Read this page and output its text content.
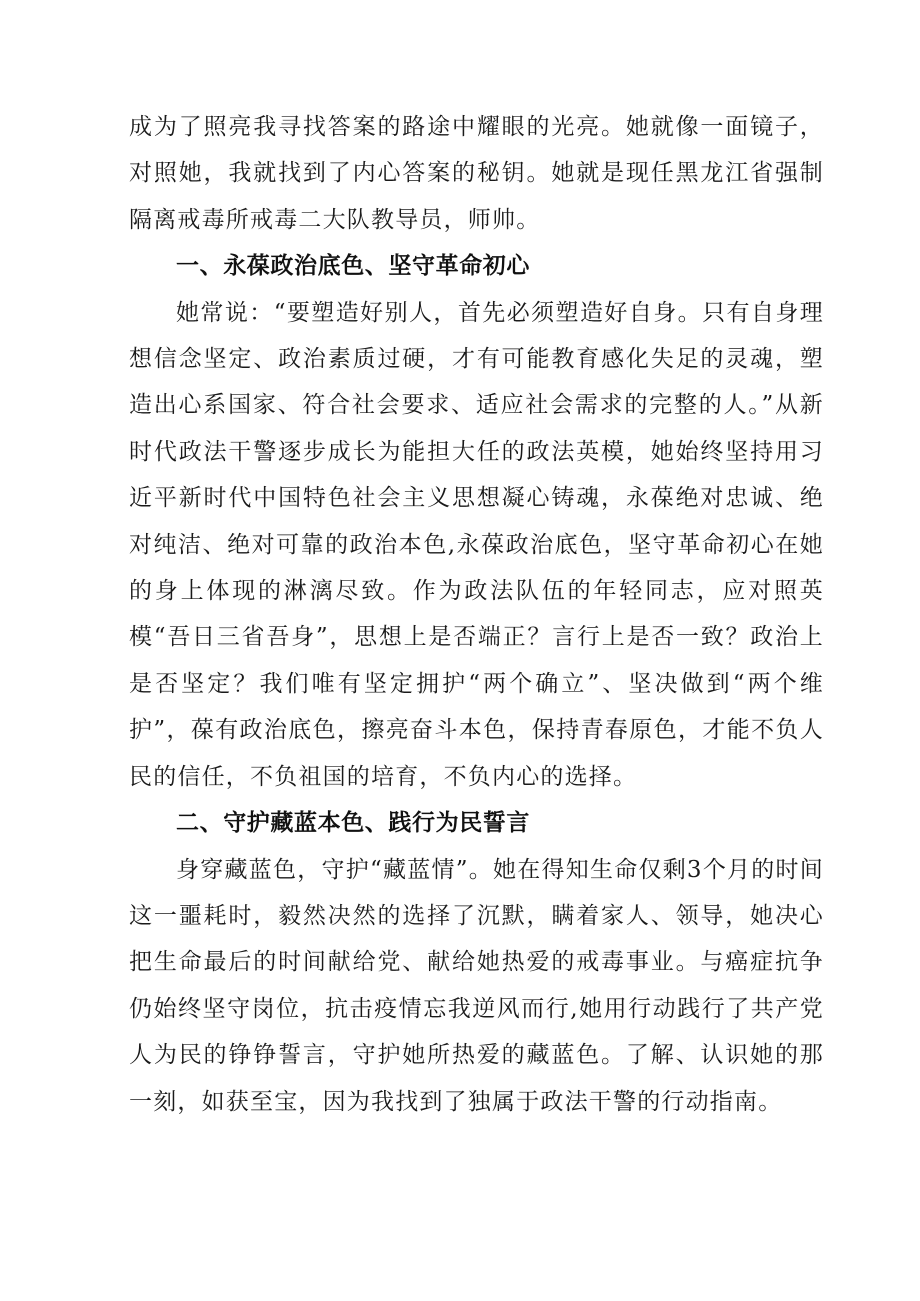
成为了照亮我寻找答案的路途中耀眼的光亮。她就像一面镜子，对照她，我就找到了内心答案的秘钥。她就是现任黑龙江省强制隔离戒毒所戒毒二大队教导员，师帅。

一、永葆政治底色、坚守革命初心

她常说：“要塑造好别人，首先必须塑造好自身。只有自身理想信念坚定、政治素质过硬，才有可能教育感化失足的灵魂，塑造出心系国家、符合社会要求、适应社会需求的完整的人。”从新时代政法干警逐步成长为能担大任的政法英模，她始终坚持用习近平新时代中国特色社会主义思想凝心铸魂，永葆绝对忠诚、绝对纯洁、绝对可靠的政治本色,永葆政治底色，坚守革命初心在她的身上体现的淋漓尽致。作为政法队伍的年轻同志，应对照英模“吾日三省吾身”，思想上是否端正？言行上是否一致？政治上是否坚定？我们唯有坚定拥护“两个确立”、坚决做到“两个维护”，葆有政治底色，擦亮奋斗本色，保持青春原色，才能不负人民的信任，不负祖国的培育，不负内心的选择。

二、守护藏蓝本色、践行为民誓言

身穿藏蓝色，守护“藏蓝情”。她在得知生命仅剩3个月的时间这一噩耗时，毅然决然的选择了沉默，瞒着家人、领导，她决心把生命最后的时间献给党、献给她热爱的戒毒事业。与癌症抗争仍始终坚守岗位，抗击疫情忘我逆风而行,她用行动践行了共产党人为民的铮铮誓言，守护她所热爱的藏蓝色。了解、认识她的那一刻，如获至宝，因为我找到了独属于政法干警的行动指南。
